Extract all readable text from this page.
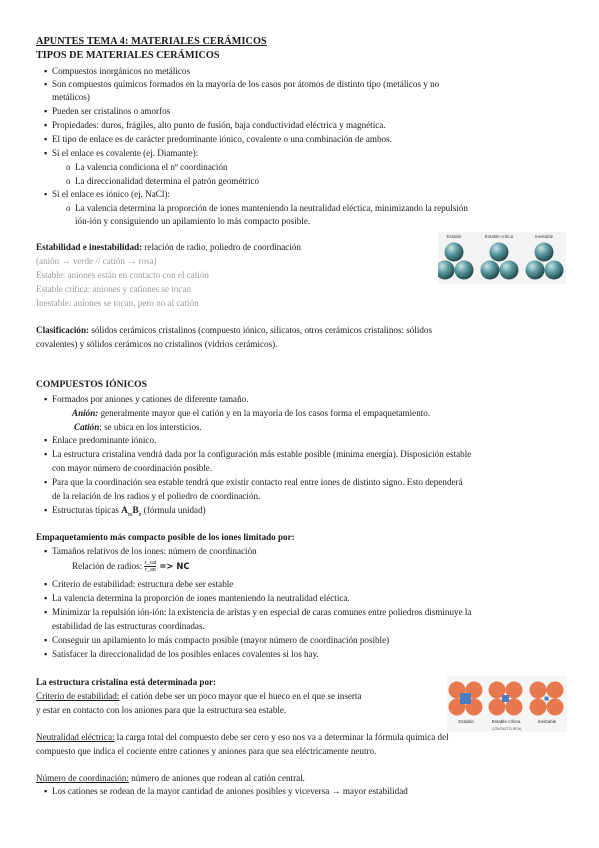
APUNTES TEMA 4: MATERIALES CERÁMICOS
TIPOS DE MATERIALES CERÁMICOS
▪ Compuestos inorgánicos no metálicos
▪ Son compuestos químicos formados en la mayoría de los casos por átomos de distinto tipo (metálicos y no
metálicos)
▪ Pueden ser cristalinos o amorfos
▪ Propiedades: duros, frágiles, alto punto de fusión, baja conductividad eléctrica y magnética.
▪ El tipo de enlace es de carácter predominante iónico, covalente o una combinación de ambos.
▪ Si el enlace es covalente (ej. Diamante):
o La valencia condiciona el nº coordinación
o La direccionalidad determina el patrón geométrico
▪ Si el enlace es iónico (ej. NaCl):
o La valencia determina la proporción de iones manteniendo la neutralidad eléctica, minimizando la repulsión
ión-ión y consiguiendo un apilamiento lo más compacto posible.
Estabilidad e inestabilidad: relación de radio, poliedro de coordinación
(anión → verde // catión → rosa)
Estable: aniones están en contacto con el catión
Estable crítica: aniones y cationes se tocan
Inestable: aniones se tocan, pero no al catión
Estable	Estable crítica	Inestable
Clasificación: sólidos cerámicos cristalinos (compuesto iónico, silicatos, otros cerámicos cristalinos: sólidos
covalentes) y sólidos cerámicos no cristalinos (vidrios cerámicos).
COMPUESTOS IÓNICOS
▪ Formados por aniones y cationes de diferente tamaño.
Anión: generalmente mayor que el catión y en la mayoría de los casos forma el empaquetamiento.
Catión: se ubica en los intersticios.
▪ Enlace predominante iónico.
▪ La estructura cristalina vendrá dada por la configuración más estable posible (mínima energía). Disposición estable
con mayor número de coordinación posible.
▪ Para que la coordinación sea estable tendrá que existir contacto real entre iones de distinto signo. Esto dependerá
de la relación de los radios y el poliedro de coordinación.
▪ Estructuras típicas $A_mB_n$ (fórmula unidad)
Empaquetamiento más compacto posible de los iones limitado por:
▪ Tamaños relativos de los iones: número de coordinación
Relación de radios: $\frac{\text{r\_cat}}{r\_an}$ => NC
▪ Criterio de estabilidad: estructura debe ser estable
▪ La valencia determina la proporción de iones manteniendo la neutralidad eléctica.
▪ Minimizar la repulsión ión-ión: la existencia de aristas y en especial de caras comunes entre poliedros disminuye la
estabilidad de las estructuras coordinadas.
▪ Conseguir un apilamiento lo más compacto posible (mayor número de coordinación posible)
▪ Satisfacer la direccionalidad de los posibles enlaces covalentes si los hay.
La estructura cristalina está determinada por:
Criterio de estabilidad: el catión debe ser un poco mayor que el hueco en el que se inserta
y estar en contacto con los aniones para que la estructura sea estable.
Estable	Estable crítica	Inestable
CONTACTO REAL
Neutralidad eléctrica: la carga total del compuesto debe ser cero y eso nos va a determinar la fórmula química del
compuesto que indica el cociente entre cationes y aniones para que sea eléctricamente neutro.
Número de coordinación: número de aniones que rodean al catión central.
▪ Los cationes se rodean de la mayor cantidad de aniones posibles y viceversa → mayor estabilidad
